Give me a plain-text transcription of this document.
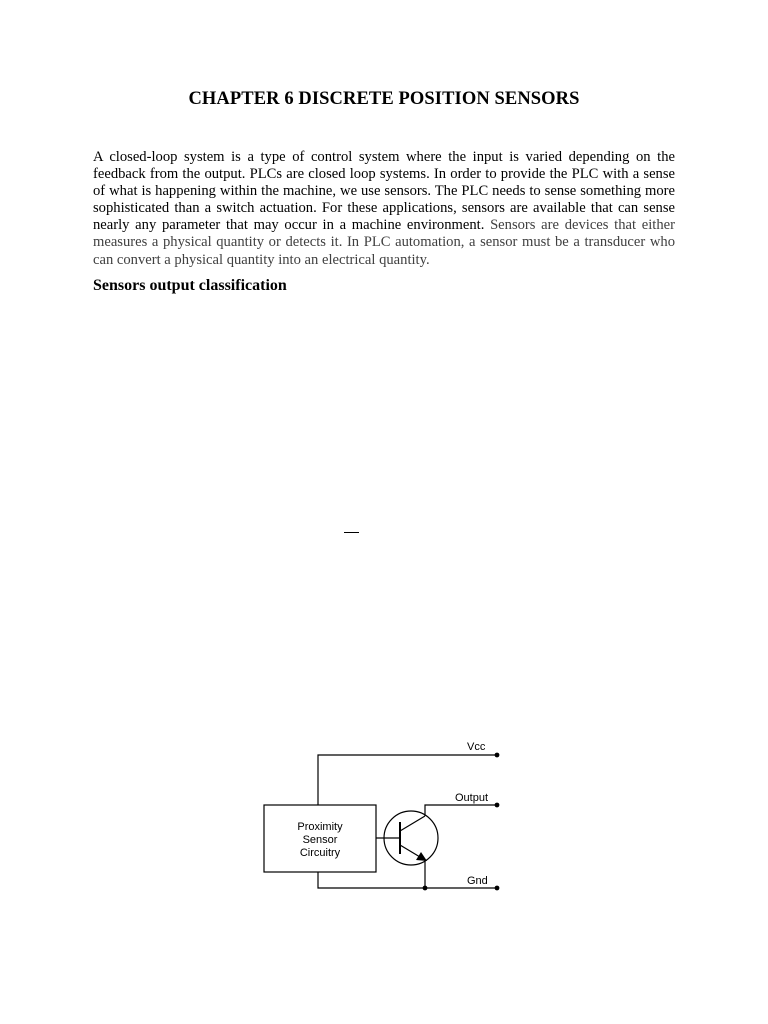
CHAPTER 6 DISCRETE POSITION SENSORS

A closed-loop system is a type of control system where the input is varied depending on the feedback from the output. PLCs are closed loop systems. In order to provide the PLC with a sense of what is happening within the machine, we use sensors. The PLC needs to sense something more sophisticated than a switch actuation. For these applications, sensors are available that can sense nearly any parameter that may occur in a machine environment. Sensors are devices that either measures a physical quantity or detects it. In PLC automation, a sensor must be a transducer who can convert a physical quantity into an electrical quantity.

Sensors output classification
Vcc
Proximity
Sensor
Circuitry
Output
Gnd
